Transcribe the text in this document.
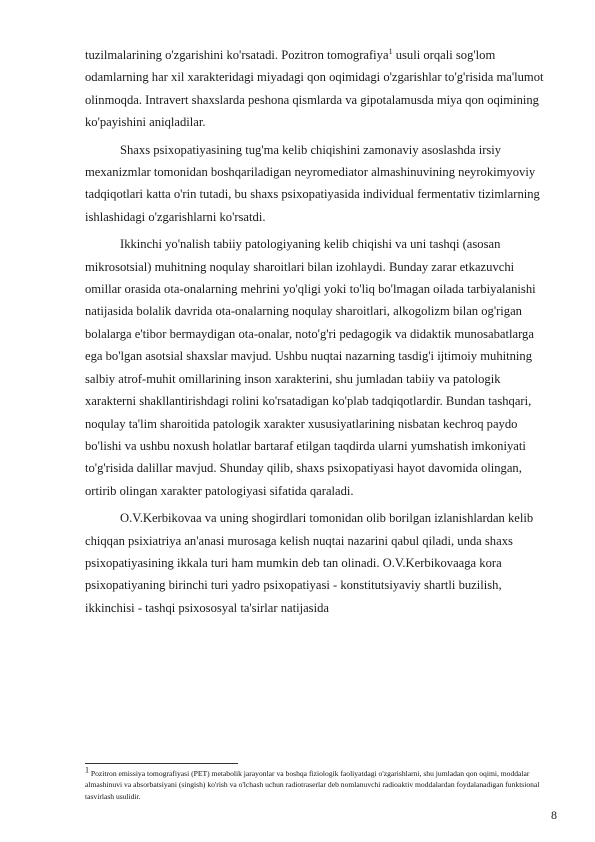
tuzilmalarining o'zgarishini ko'rsatadi. Pozitron tomografiya$^1$ usuli orqali sog'lom odamlarning har xil xarakteridagi miyadagi qon oqimidagi o'zgarishlar to'g'risida ma'lumot olinmoqda. Intravert shaxslarda peshona qismlarda va gipotalamusda miya qon oqimining ko'payishini aniqladilar.

Shaxs psixopatiyasining tug'ma kelib chiqishini zamonaviy asoslashda irsiy mexanizmlar tomonidan boshqariladigan neyromediator almashinuvining neyrokimyoviy tadqiqotlari katta o'rin tutadi, bu shaxs psixopatiyasida individual fermentativ tizimlarning ishlashidagi o'zgarishlarni ko'rsatdi.

Ikkinchi yo'nalish tabiiy patologiyaning kelib chiqishi va uni tashqi (asosan mikrosotsial) muhitning noqulay sharoitlari bilan izohlaydi. Bunday zarar etkazuvchi omillar orasida ota-onalarning mehrini yo'qligi yoki to'liq bo'lmagan oilada tarbiyalanishi natijasida bolalik davrida ota-onalarning noqulay sharoitlari, alkogolizm bilan og'rigan bolalarga e'tibor bermaydigan ota-onalar, noto'g'ri pedagogik va didaktik munosabatlarga ega bo'lgan asotsial shaxslar mavjud. Ushbu nuqtai nazarning tasdig'i ijtimoiy muhitning salbiy atrof-muhit omillarining inson xarakterini, shu jumladan tabiiy va patologik xarakterni shakllantirishdagi rolini ko'rsatadigan ko'plab tadqiqotlardir. Bundan tashqari, noqulay ta'lim sharoitida patologik xarakter xususiyatlarining nisbatan kechroq paydo bo'lishi va ushbu noxush holatlar bartaraf etilgan taqdirda ularni yumshatish imkoniyati to'g'risida dalillar mavjud. Shunday qilib, shaxs psixopatiyasi hayot davomida olingan, ortirib olingan xarakter patologiyasi sifatida qaraladi.

O.V.Kerbikovaa va uning shogirdlari tomonidan olib borilgan izlanishlardan kelib chiqqan psixiatriya an'anasi murosaga kelish nuqtai nazarini qabul qiladi, unda shaxs psixopatiyasining ikkala turi ham mumkin deb tan olinadi. O.V.Kerbikovaaga kora psixopatiyaning birinchi turi yadro psixopatiyasi - konstitutsiyaviy shartli buzilish, ikkinchisi - tashqi psixososyal ta'sirlar natijasida

$^1$ Pozitron emissiya tomografiyasi (PET) metabolik jarayonlar va boshqa fiziologik faoliyatdagi o'zgarishlarni, shu jumladan qon oqimi, moddalar almashinuvi va absorbatsiyani (singish) ko'rish va o'lchash uchun radiotraserlar deb nomlanuvchi radioaktiv moddalardan foydalanadigan funktsional tasvirlash usulidir.
8
